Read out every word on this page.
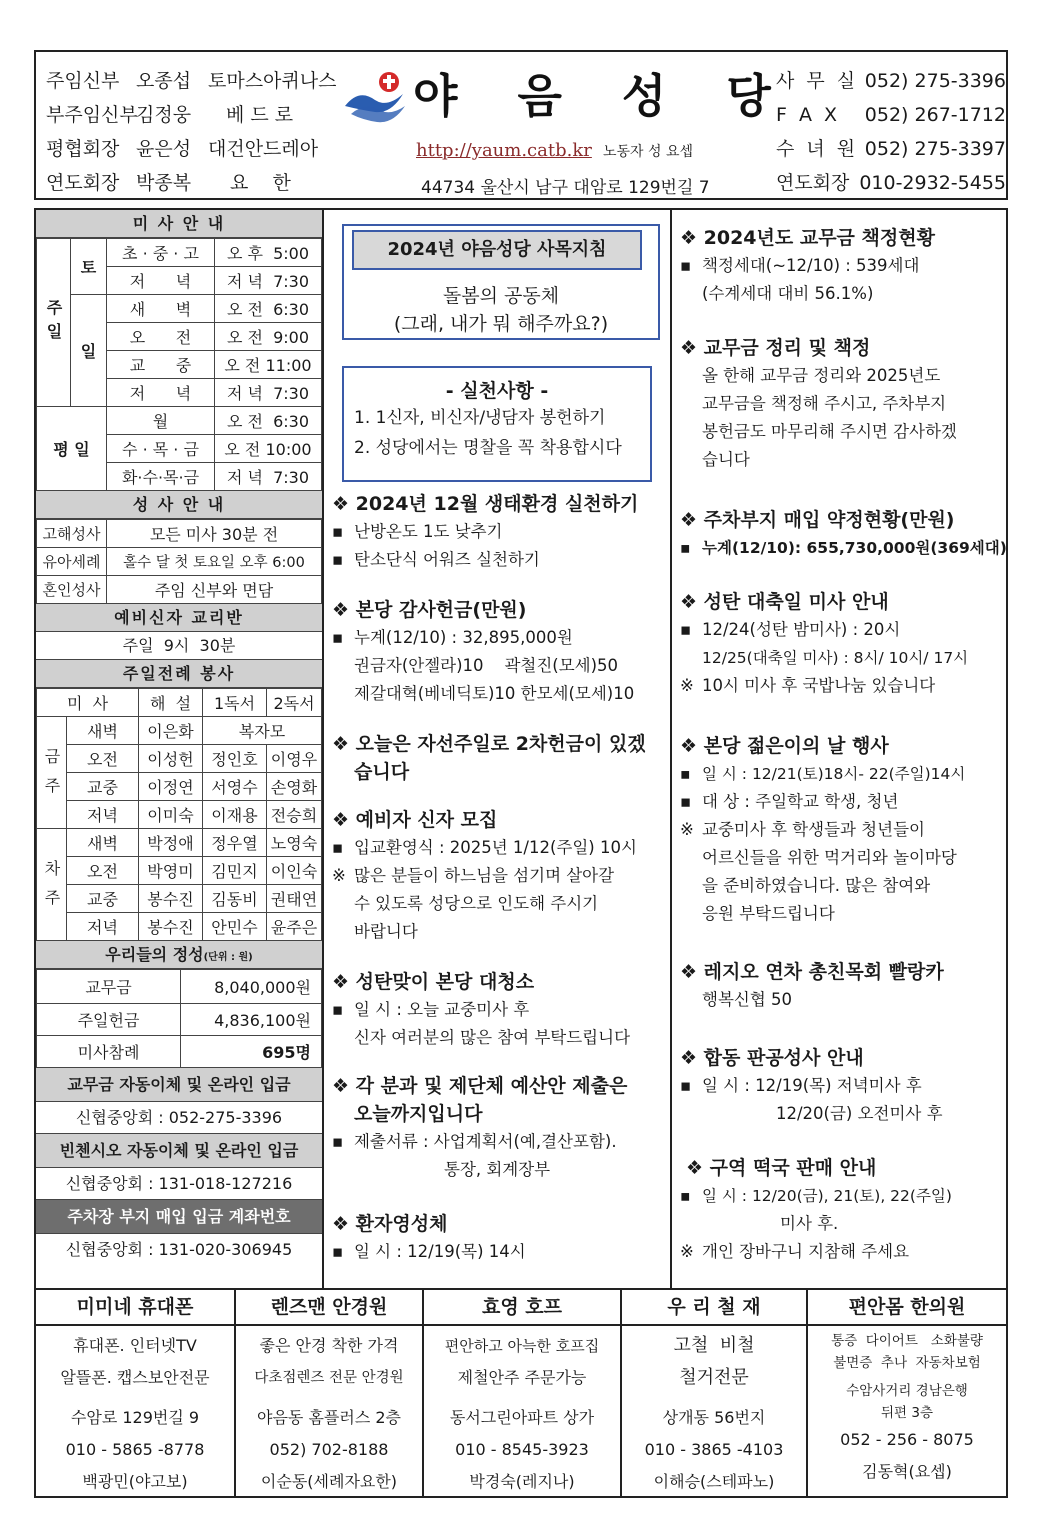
주임신부 오종섭 토마스아퀴나스
부주임신부
김정웅	베 드 로
평협회장 윤은성 대건안드레아
연도회장 박종복	요    한
야 음 성 당
http://yaum.catb.kr 노동자 성 요셉
44734 울산시 남구 대암로 129번길 7
사 무 실 052) 275-3396
F A X	052) 267-1712
수 녀 원 052) 275-3397
연도회장 010-2932-5455
미 사 안 내
주일	토	초 · 중 · 고	오 후  5:00
		저      녁	저 녁  7:30
	일	새      벽	오 전  6:30
		오      전	오 전  9:00
		교      중	오 전 11:00
		저      녁	저 녁  7:30
평 일		월	오 전  6:30
		수 · 목 · 금	오 전 10:00
		화·수·목·금	저 녁  7:30
성 사 안 내
고해성사	모든 미사 30분 전
유아세례	홀수 달 첫 토요일 오후 6:00
혼인성사	주임 신부와 면담
예비신자 교리반
주일  9시  30분
주일전례 봉사
미  사		해  설	1독서	2독서
금 주	새벽	이은화	복자모	
	오전	이성헌	정인호	이영우
	교중	이정연	서영수	손영화
	저녁	이미숙	이재용	전승희
차 주	새벽	박정애	정우열	노영숙
	오전	박영미	김민지	이인숙
	교중	봉수진	김동비	권태연
	저녁	봉수진	안민수	윤주은
우리들의 정성(단위 : 원)
교무금	8,040,000원
주일헌금	4,836,100원
미사참례	695명
교무금 자동이체 및 온라인 입금
신협중앙회 : 052-275-3396
빈첸시오 자동이체 및 온라인 입금
신협중앙회 : 131-018-127216
주차장 부지 매입 입금 계좌번호
신협중앙회 : 131-020-306945
2024년 야음성당 사목지침
돌봄의 공동체
(그래, 내가 뭐 해주까요?)
- 실천사항 -
1. 1신자, 비신자/냉담자 봉헌하기
2. 성당에서는 명찰을 꼭 착용합시다
❖ 2024년 12월 생태환경 실천하기
▪ 난방온도 1도 낮추기
▪ 탄소단식 어워즈 실천하기
❖ 본당 감사헌금(만원)
▪ 누계(12/10) : 32,895,000원
권금자(안젤라)10    곽철진(모세)50
제갈대혁(베네딕토)10 한모세(모세)10
❖ 오늘은 자선주일로 2차헌금이 있겠
습니다
❖ 예비자 신자 모집
▪ 입교환영식 : 2025년 1/12(주일) 10시
※ 많은 분들이 하느님을 섬기며 살아갈
수 있도록 성당으로 인도해 주시기
바랍니다
❖ 성탄맞이 본당 대청소
▪ 일 시 : 오늘 교중미사 후
신자 여러분의 많은 참여 부탁드립니다
❖ 각 분과 및 제단체 예산안 제출은
오늘까지입니다
▪ 제출서류 : 사업계획서(예,결산포함).
통장, 회계장부
❖ 환자영성체
▪ 일 시 : 12/19(목) 14시
❖ 2024년도 교무금 책정현황
▪ 책정세대(~12/10) : 539세대
(수계세대 대비 56.1%)
❖ 교무금 정리 및 책정
올 한해 교무금 정리와 2025년도
교무금을 책정해 주시고, 주차부지
봉헌금도 마무리해 주시면 감사하겠
습니다
❖ 주차부지 매입 약정현황(만원)
▪ 누계(12/10): 655,730,000원(369세대)
❖ 성탄 대축일 미사 안내
▪ 12/24(성탄 밤미사) : 20시
12/25(대축일 미사) : 8시/ 10시/ 17시
※ 10시 미사 후 국밥나눔 있습니다
❖ 본당 젊은이의 날 행사
▪ 일 시 : 12/21(토)18시- 22(주일)14시
▪ 대 상 : 주일학교 학생, 청년
※ 교중미사 후 학생들과 청년들이
어르신들을 위한 먹거리와 놀이마당
을 준비하였습니다. 많은 참여와
응원 부탁드립니다
❖ 레지오 연차 총친목회 빨랑카
행복신협 50
❖ 합동 판공성사 안내
▪ 일 시 : 12/19(목) 저녁미사 후
12/20(금) 오전미사 후
❖ 구역 떡국 판매 안내
▪ 일 시 : 12/20(금), 21(토), 22(주일)
미사 후.
※ 개인 장바구니 지참해 주세요
미미네 휴대폰
휴대폰. 인터넷TV
알뜰폰. 캡스보안전문
수암로 129번길 9
010 - 5865 -8778
백광민(야고보)
렌즈맨 안경원
좋은 안경 착한 가격
다초점렌즈 전문 안경원
야음동 홈플러스 2층
052) 702-8188
이순동(세례자요한)
효영 호프
편안하고 아늑한 호프집
제철안주 주문가능
동서그린아파트 상가
010 - 8545-3923
박경숙(레지나)
우 리 철 재
고철  비철
철거전문
상개동 56번지
010 - 3865 -4103
이해승(스테파노)
편안몸 한의원
통증  다이어트   소화불량
불면증  추나  자동차보험
수암사거리 경남은행
뒤편 3층
052 - 256 - 8075
김동혁(요셉)
